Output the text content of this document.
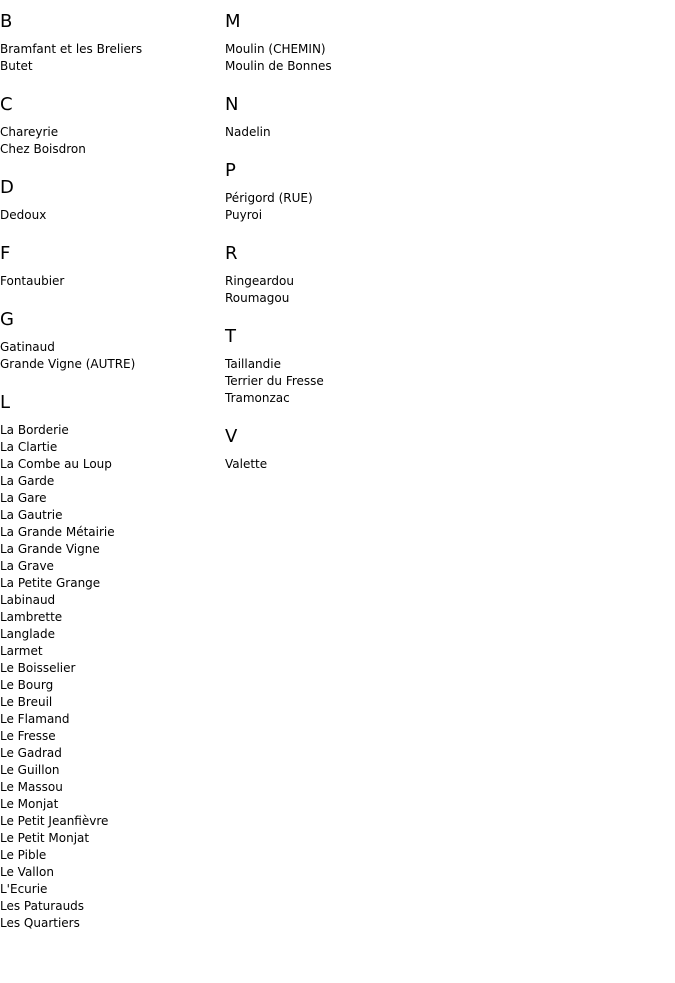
B
Bramfant et les Breliers
Butet
C
Chareyrie
Chez Boisdron
D
Dedoux
F
Fontaubier
G
Gatinaud
Grande Vigne (AUTRE)
L
La Borderie
La Clartie
La Combe au Loup
La Garde
La Gare
La Gautrie
La Grande Métairie
La Grande Vigne
La Grave
La Petite Grange
Labinaud
Lambrette
Langlade
Larmet
Le Boisselier
Le Bourg
Le Breuil
Le Flamand
Le Fresse
Le Gadrad
Le Guillon
Le Massou
Le Monjat
Le Petit Jeanfièvre
Le Petit Monjat
Le Pible
Le Vallon
L'Ecurie
Les Paturauds
Les Quartiers
M
Moulin (CHEMIN)
Moulin de Bonnes
N
Nadelin
P
Périgord (RUE)
Puyroi
R
Ringeardou
Roumagou
T
Taillandie
Terrier du Fresse
Tramonzac
V
Valette
